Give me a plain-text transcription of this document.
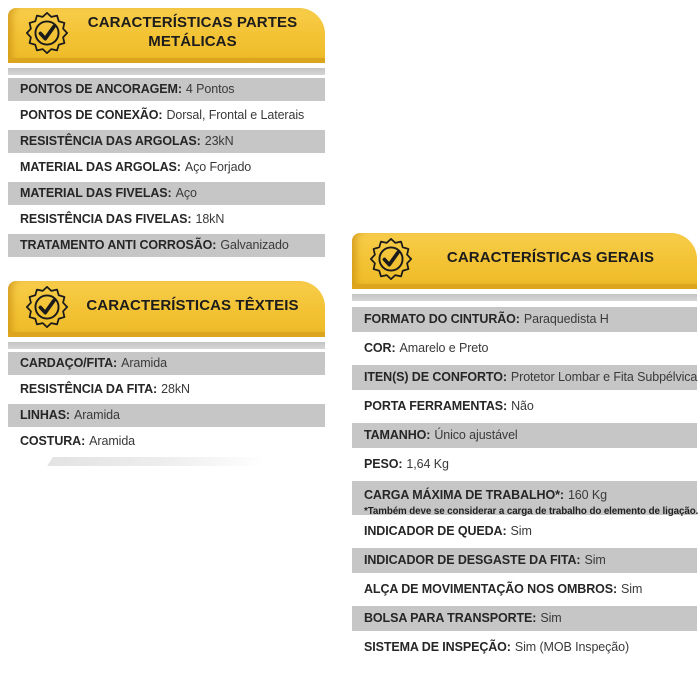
CARACTERÍSTICAS PARTES METÁLICAS
PONTOS DE ANCORAGEM: 4 Pontos
PONTOS DE CONEXÃO: Dorsal, Frontal e Laterais
RESISTÊNCIA DAS ARGOLAS: 23kN
MATERIAL DAS ARGOLAS: Aço Forjado
MATERIAL DAS FIVELAS: Aço
RESISTÊNCIA DAS FIVELAS: 18kN
TRATAMENTO ANTI CORROSÃO: Galvanizado
CARACTERÍSTICAS TÊXTEIS
CARDAÇO/FITA: Aramida
RESISTÊNCIA DA FITA: 28kN
LINHAS: Aramida
COSTURA: Aramida
CARACTERÍSTICAS GERAIS
FORMATO DO CINTURÃO: Paraquedista H
COR: Amarelo e Preto
ITEN(S) DE CONFORTO: Protetor Lombar e Fita Subpélvica
PORTA FERRAMENTAS: Não
TAMANHO: Único ajustável
PESO: 1,64 Kg
CARGA MÁXIMA DE TRABALHO*: 160 Kg
*Também deve se considerar a carga de trabalho do elemento de ligação.
INDICADOR DE QUEDA: Sim
INDICADOR DE DESGASTE DA FITA: Sim
ALÇA DE MOVIMENTAÇÃO NOS OMBROS: Sim
BOLSA PARA TRANSPORTE: Sim
SISTEMA DE INSPEÇÃO: Sim (MOB Inspeção)
